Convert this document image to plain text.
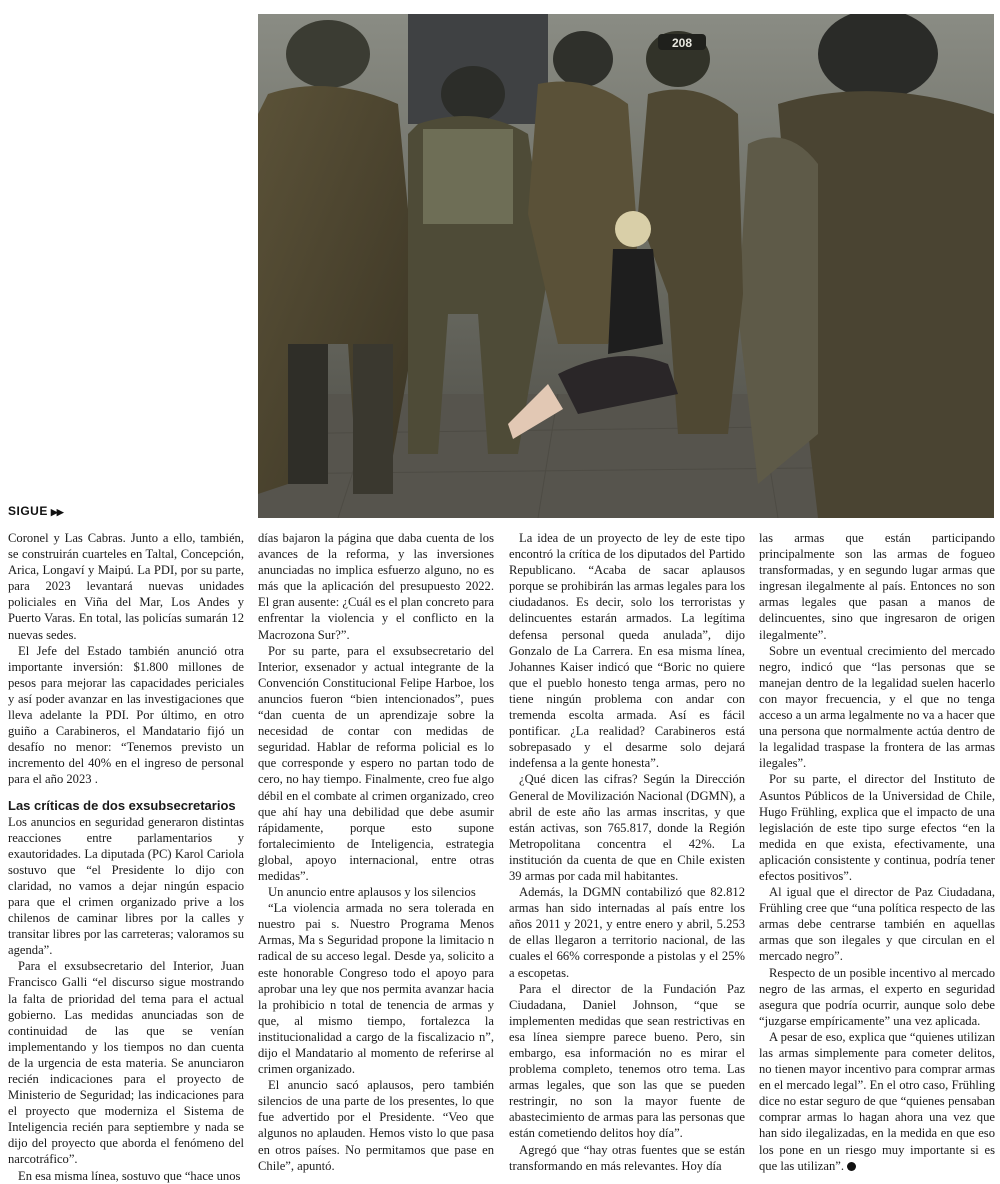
208
SIGUE ▶▶

Coronel y Las Cabras. Junto a ello, también, se construirán cuarteles en Taltal, Concepción, Arica, Longaví y Maipú. La PDI, por su parte, para 2023 levantará nuevas unidades policiales en Viña del Mar, Los Andes y Puerto Varas. En total, las policías sumarán 12 nuevas sedes.

El Jefe del Estado también anunció otra importante inversión: $1.800 millones de pesos para mejorar las capacidades periciales y así poder avanzar en las investigaciones que lleva adelante la PDI. Por último, en otro guiño a Carabineros, el Mandatario fijó un desafío no menor: “Tenemos previsto un incremento del 40% en el ingreso de personal para el año 2023 .

Las críticas de dos exsubsecretarios

Los anuncios en seguridad generaron distintas reacciones entre parlamentarios y exautoridades. La diputada (PC) Karol Cariola sostuvo que “el Presidente lo dijo con claridad, no vamos a dejar ningún espacio para que el crimen organizado prive a los chilenos de caminar libres por la calles y transitar libres por las carreteras; valoramos su agenda”.

Para el exsubsecretario del Interior, Juan Francisco Galli “el discurso sigue mostrando la falta de prioridad del tema para el actual gobierno. Las medidas anunciadas son de continuidad de las que se venían implementando y los tiempos no dan cuenta de la urgencia de esta materia. Se anunciaron recién indicaciones para el proyecto de Ministerio de Seguridad; las indicaciones para el proyecto que moderniza el Sistema de Inteligencia recién para septiembre y nada se dijo del proyecto que aborda el fenómeno del narcotráfico”.

En esa misma línea, sostuvo que “hace unos

días bajaron la página que daba cuenta de los avances de la reforma, y las inversiones anunciadas no implica esfuerzo alguno, no es más que la aplicación del presupuesto 2022. El gran ausente: ¿Cuál es el plan concreto para enfrentar la violencia y el conflicto en la Macrozona Sur?”.

Por su parte, para el exsubsecretario del Interior, exsenador y actual integrante de la Convención Constitucional Felipe Harboe, los anuncios fueron “bien intencionados”, pues “dan cuenta de un aprendizaje sobre la necesidad de contar con medidas de seguridad. Hablar de reforma policial es lo que corresponde y espero no partan todo de cero, no hay tiempo. Finalmente, creo fue algo débil en el combate al crimen organizado, creo que ahí hay una debilidad que debe asumir rápidamente, porque esto supone fortalecimiento de Inteligencia, estrategia global, apoyo internacional, entre otras medidas”.

Un anuncio entre aplausos y los silencios

“La violencia armada no sera tolerada en nuestro pai s. Nuestro Programa Menos Armas, Ma s Seguridad propone la limitacio n radical de su acceso legal. Desde ya, solicito a este honorable Congreso todo el apoyo para aprobar una ley que nos permita avanzar hacia la prohibicio n total de tenencia de armas y que, al mismo tiempo, fortalezca la institucionalidad a cargo de la fiscalizacio n”, dijo el Mandatario al momento de referirse al crimen organizado.

El anuncio sacó aplausos, pero también silencios de una parte de los presentes, lo que fue advertido por el Presidente. “Veo que algunos no aplauden. Hemos visto lo que pasa en otros países. No permitamos que pase en Chile”, apuntó.

La idea de un proyecto de ley de este tipo encontró la crítica de los diputados del Partido Republicano. “Acaba de sacar aplausos porque se prohibirán las armas legales para los ciudadanos. Es decir, solo los terroristas y delincuentes estarán armados. La legítima defensa personal queda anulada”, dijo Gonzalo de La Carrera. En esa misma línea, Johannes Kaiser indicó que “Boric no quiere que el pueblo honesto tenga armas, pero no tiene ningún problema con andar con tremenda escolta armada. Así es fácil pontificar. ¿La realidad? Carabineros está sobrepasado y el desarme solo dejará indefensa a la gente honesta”.

¿Qué dicen las cifras? Según la Dirección General de Movilización Nacional (DGMN), a abril de este año las armas inscritas, y que están activas, son 765.817, donde la Región Metropolitana concentra el 42%. La institución da cuenta de que en Chile existen 39 armas por cada mil habitantes.

Además, la DGMN contabilizó que 82.812 armas han sido internadas al país entre los años 2011 y 2021, y entre enero y abril, 5.253 de ellas llegaron a territorio nacional, de las cuales el 66% corresponde a pistolas y el 25% a escopetas.

Para el director de la Fundación Paz Ciudadana, Daniel Johnson, “que se implementen medidas que sean restrictivas en esa línea siempre parece bueno. Pero, sin embargo, esa información no es mirar el problema completo, tenemos otro tema. Las armas legales, que son las que se pueden restringir, no son la mayor fuente de abastecimiento de armas para las personas que están cometiendo delitos hoy día”.

Agregó que “hay otras fuentes que se están transformando en más relevantes. Hoy día

las armas que están participando principalmente son las armas de fogueo transformadas, y en segundo lugar armas que ingresan ilegalmente al país. Entonces no son armas legales que pasan a manos de delincuentes, sino que ingresaron de origen ilegalmente”.

Sobre un eventual crecimiento del mercado negro, indicó que “las personas que se manejan dentro de la legalidad suelen hacerlo con mayor frecuencia, y el que no tenga acceso a un arma legalmente no va a hacer que una persona que normalmente actúa dentro de la legalidad traspase la frontera de las armas ilegales”.

Por su parte, el director del Instituto de Asuntos Públicos de la Universidad de Chile, Hugo Frühling, explica que el impacto de una legislación de este tipo surge efectos “en la medida en que exista, efectivamente, una aplicación consistente y continua, podría tener efectos positivos”.

Al igual que el director de Paz Ciudadana, Frühling cree que “una política respecto de las armas debe centrarse también en aquellas armas que son ilegales y que circulan en el mercado negro”.

Respecto de un posible incentivo al mercado negro de las armas, el experto en seguridad asegura que podría ocurrir, aunque solo debe “juzgarse empíricamente” una vez aplicada.

A pesar de eso, explica que “quienes utilizan las armas simplemente para cometer delitos, no tienen mayor incentivo para comprar armas en el mercado legal”. En el otro caso, Frühling dice no estar seguro de que “quienes pensaban comprar armas lo hagan ahora una vez que han sido ilegalizadas, en la medida en que eso los pone en un riesgo muy importante si es que las utilizan”.
